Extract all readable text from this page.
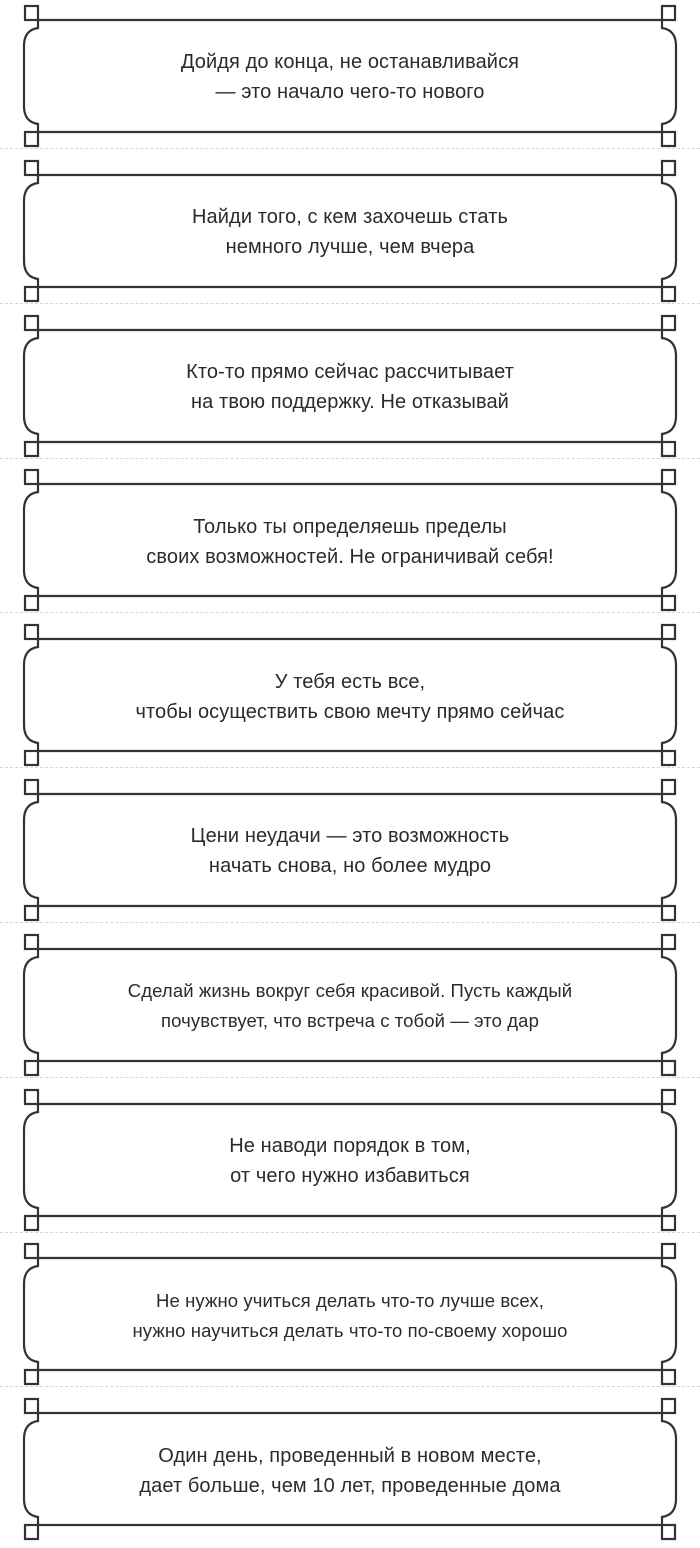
Дойдя до конца, не останавливайся
— это начало чего-то нового
Найди того, с кем захочешь стать
немного лучше, чем вчера
Кто-то прямо сейчас рассчитывает
на твою поддержку. Не отказывай
Только ты определяешь пределы
своих возможностей. Не ограничивай себя!
У тебя есть все,
чтобы осуществить свою мечту прямо сейчас
Цени неудачи — это возможность
начать снова, но более мудро
Сделай жизнь вокруг себя красивой. Пусть каждый
почувствует, что встреча с тобой — это дар
Не наводи порядок в том,
от чего нужно избавиться
Не нужно учиться делать что-то лучше всех,
нужно научиться делать что-то по-своему хорошо
Один день, проведенный в новом месте,
дает больше, чем 10 лет, проведенные дома
